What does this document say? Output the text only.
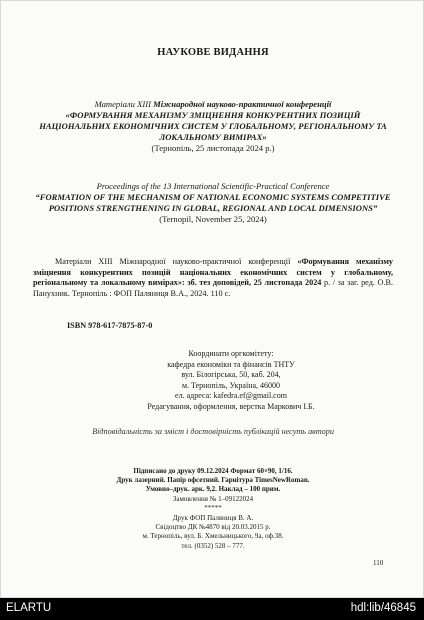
НАУКОВЕ ВИДАННЯ
Матеріали XIII Міжнародної науково-практичної конференції
«ФОРМУВАННЯ МЕХАНІЗМУ ЗМІЦНЕННЯ КОНКУРЕНТНИХ ПОЗИЦІЙ НАЦІОНАЛЬНИХ ЕКОНОМІЧНИХ СИСТЕМ У ГЛОБАЛЬНОМУ, РЕГІОНАЛЬНОМУ ТА ЛОКАЛЬНОМУ ВИМІРАХ»
(Тернопіль, 25 листопада 2024 р.)
Proceedings of the 13 International Scientific-Practical Conference
“FORMATION OF THE MECHANISM OF NATIONAL ECONOMIC SYSTEMS COMPETITIVE POSITIONS STRENGTHENING IN GLOBAL, REGIONAL AND LOCAL DIMENSIONS”
(Ternopil, November 25, 2024)
Матеріали XIII Міжнародної науково-практичної конференції «Формування механізму зміцнення конкурентних позицій національних економічних систем у глобальному, регіональному та локальному вимірах»: зб. тез доповідей, 25 листопада 2024 р. / за заг. ред. О.В. Панухник. Тернопіль : ФОП Паляниця В.А., 2024. 110 с.
ISBN 978-617-7875-87-0
Координати оргкомітету:
кафедра економіки та фінансів ТНТУ
вул. Білогірська, 50, каб. 204,
м. Тернопіль, Україна, 46000
ел. адреса: kafedra.ef@gmail.com
Редагування, оформлення, верстка Маркович І.Б.
Відповідальність за зміст і достовірність публікацій несуть автори
Підписано до друку 09.12.2024 Формат 60×90, 1/16.
Друк лазерний. Папір офсетний. Гарнітура TimesNewRoman.
Умовно–друк. арк. 9,2. Наклад – 100 прим.
Замовлення № 1–09122024
*****
Друк ФОП Паляниця В. А.
Свідоцтво ДК №4870 від 20.03.2015 р.
м. Тернопіль, вул. Б. Хмельницького, 9а, оф.38.
тел. (0352) 528 – 777.
110
ELARTU	hdl:lib/46845
